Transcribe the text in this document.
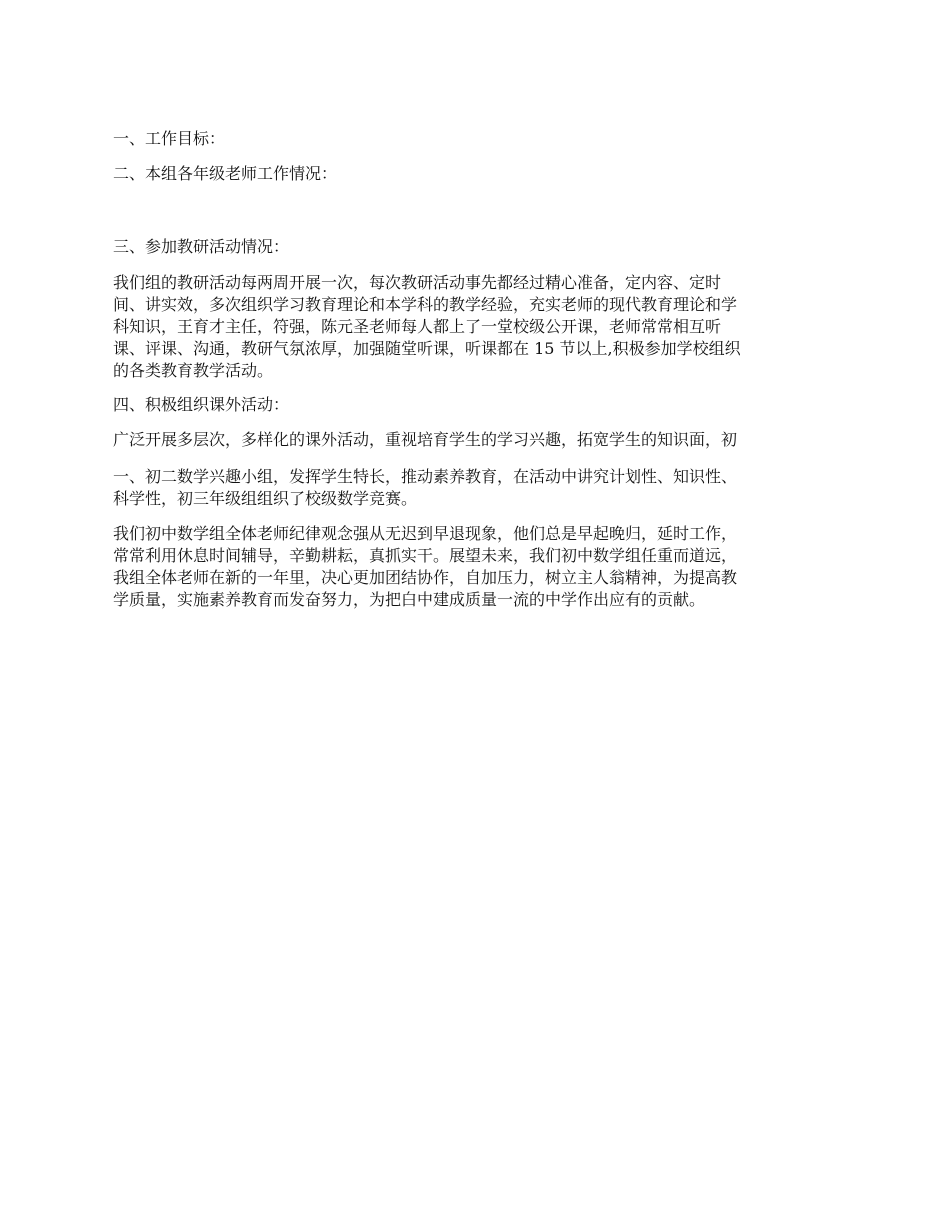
一、工作目标：
二、本组各年级老师工作情况：
三、参加教研活动情况：

我们组的教研活动每两周开展一次，每次教研活动事先都经过精心准备，定内容、定时

间、讲实效，多次组织学习教育理论和本学科的教学经验，充实老师的现代教育理论和学

科知识，王育才主任，符强，陈元圣老师每人都上了一堂校级公开课，老师常常相互听

课、评课、沟通，教研气氛浓厚，加强随堂听课，听课都在 15 节以上,积极参加学校组织

的各类教育教学活动。

四、积极组织课外活动：
广泛开展多层次，多样化的课外活动，重视培育学生的学习兴趣，拓宽学生的知识面，初

一、初二数学兴趣小组，发挥学生特长，推动素养教育，在活动中讲究计划性、知识性、

科学性，初三年级组组织了校级数学竞赛。

我们初中数学组全体老师纪律观念强从无迟到早退现象，他们总是早起晚归，延时工作，

常常利用休息时间辅导，辛勤耕耘，真抓实干。展望未来，我们初中数学组任重而道远，

我组全体老师在新的一年里，决心更加团结协作，自加压力，树立主人翁精神，为提高教

学质量，实施素养教育而发奋努力，为把白中建成质量一流的中学作出应有的贡献。
